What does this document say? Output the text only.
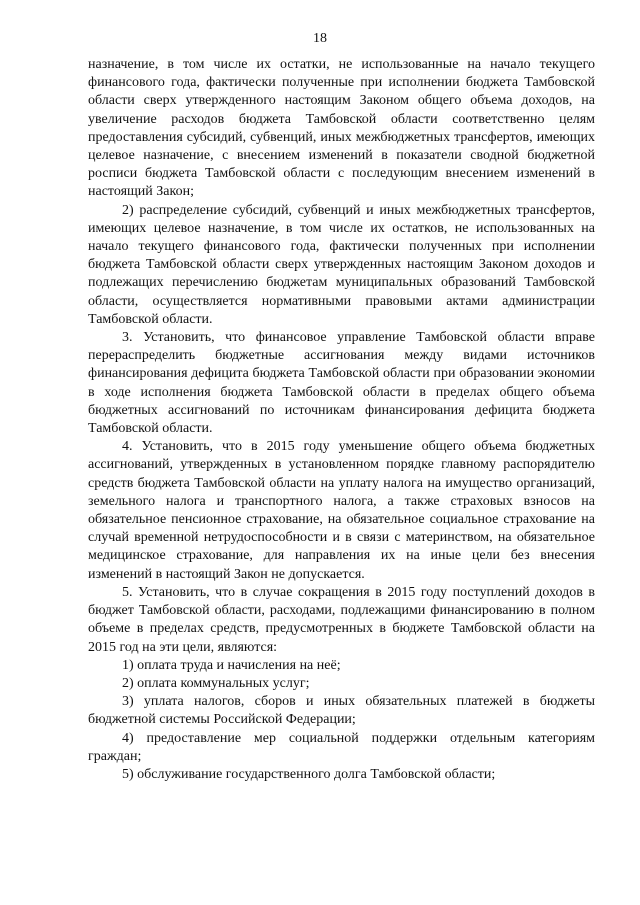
18

назначение, в том числе их остатки, не использованные на начало текущего финансового года, фактически полученные при исполнении бюджета Тамбовской области сверх утвержденного настоящим Законом общего объема доходов, на увеличение расходов бюджета Тамбовской области соответственно целям предоставления субсидий, субвенций, иных межбюджетных трансфертов, имеющих целевое назначение, с внесением изменений в показатели сводной бюджетной росписи бюджета Тамбовской области с последующим внесением изменений в настоящий Закон;

2) распределение субсидий, субвенций и иных межбюджетных трансфертов, имеющих целевое назначение, в том числе их остатков, не использованных на начало текущего финансового года, фактически полученных при исполнении бюджета Тамбовской области сверх утвержденных настоящим Законом доходов и подлежащих перечислению бюджетам муниципальных образований Тамбовской области, осуществляется нормативными правовыми актами администрации Тамбовской области.

3. Установить, что финансовое управление Тамбовской области вправе перераспределить бюджетные ассигнования между видами источников финансирования дефицита бюджета Тамбовской области при образовании экономии в ходе исполнения бюджета Тамбовской области в пределах общего объема бюджетных ассигнований по источникам финансирования дефицита бюджета Тамбовской области.

4. Установить, что в 2015 году уменьшение общего объема бюджетных ассигнований, утвержденных в установленном порядке главному распорядителю средств бюджета Тамбовской области на уплату налога на имущество организаций, земельного налога и транспортного налога, а также страховых взносов на обязательное пенсионное страхование, на обязательное социальное страхование на случай временной нетрудоспособности и в связи с материнством, на обязательное медицинское страхование, для направления их на иные цели без внесения изменений в настоящий Закон не допускается.

5. Установить, что в случае сокращения в 2015 году поступлений доходов в бюджет Тамбовской области, расходами, подлежащими финансированию в полном объеме в пределах средств, предусмотренных в бюджете Тамбовской области на 2015 год на эти цели, являются:

1) оплата труда и начисления на неё;

2) оплата коммунальных услуг;

3) уплата налогов, сборов и иных обязательных платежей в бюджеты бюджетной системы Российской Федерации;

4) предоставление мер социальной поддержки отдельным категориям граждан;

5) обслуживание государственного долга Тамбовской области;
